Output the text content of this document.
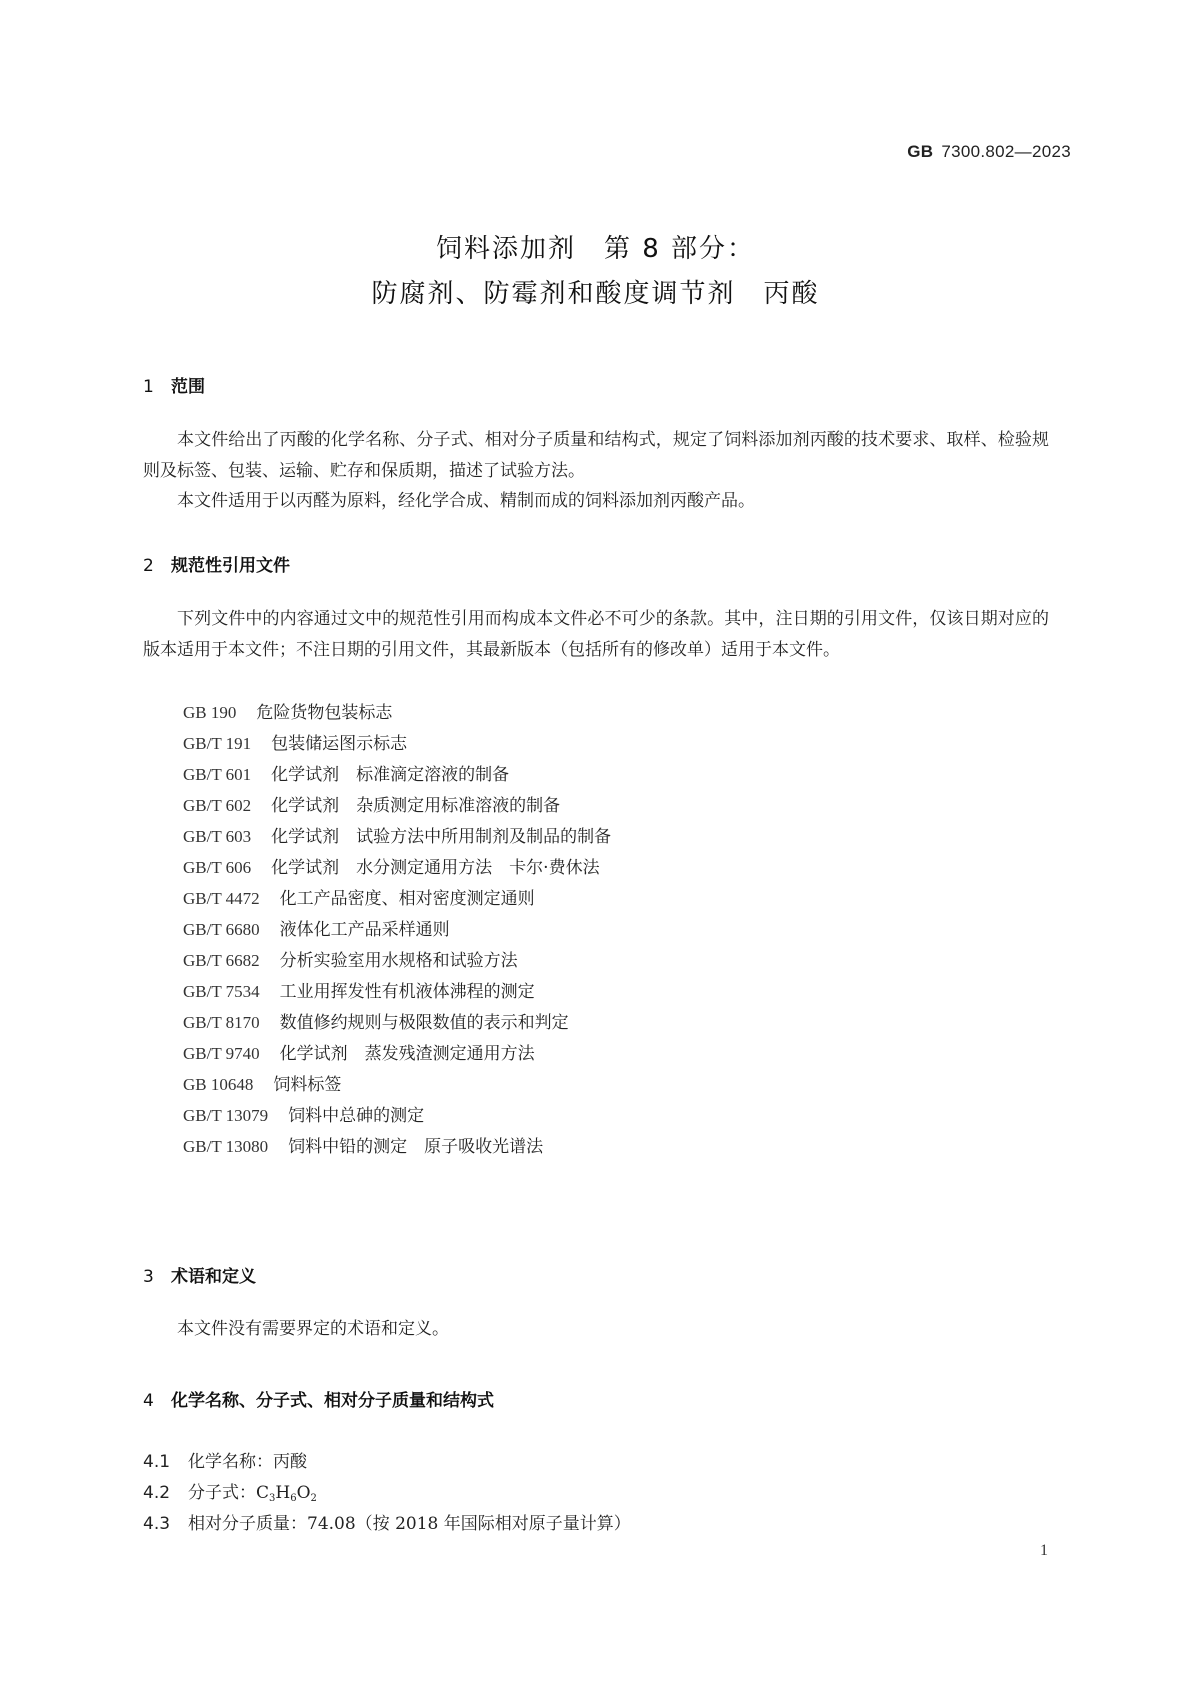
GB 7300.802—2023
饲料添加剂　第 8 部分：
防腐剂、防霉剂和酸度调节剂　丙酸
1 范围
本文件给出了丙酸的化学名称、分子式、相对分子质量和结构式，规定了饲料添加剂丙酸的技术要求、取样、检验规则及标签、包装、运输、贮存和保质期，描述了试验方法。
本文件适用于以丙醛为原料，经化学合成、精制而成的饲料添加剂丙酸产品。
2 规范性引用文件
下列文件中的内容通过文中的规范性引用而构成本文件必不可少的条款。其中，注日期的引用文件，仅该日期对应的版本适用于本文件；不注日期的引用文件，其最新版本（包括所有的修改单）适用于本文件。
GB 190 危险货物包装标志
GB/T 191 包装储运图示标志
GB/T 601 化学试剂　标准滴定溶液的制备
GB/T 602 化学试剂　杂质测定用标准溶液的制备
GB/T 603 化学试剂　试验方法中所用制剂及制品的制备
GB/T 606 化学试剂　水分测定通用方法　卡尔·费休法
GB/T 4472 化工产品密度、相对密度测定通则
GB/T 6680 液体化工产品采样通则
GB/T 6682 分析实验室用水规格和试验方法
GB/T 7534 工业用挥发性有机液体沸程的测定
GB/T 8170 数值修约规则与极限数值的表示和判定
GB/T 9740 化学试剂　蒸发残渣测定通用方法
GB 10648 饲料标签
GB/T 13079 饲料中总砷的测定
GB/T 13080 饲料中铅的测定　原子吸收光谱法
3 术语和定义
本文件没有需要界定的术语和定义。
4 化学名称、分子式、相对分子质量和结构式
4.1 化学名称：丙酸
4.2 分子式：$C_3H_6O_2$
4.3 相对分子质量：74.08（按 2018 年国际相对原子量计算）
1
